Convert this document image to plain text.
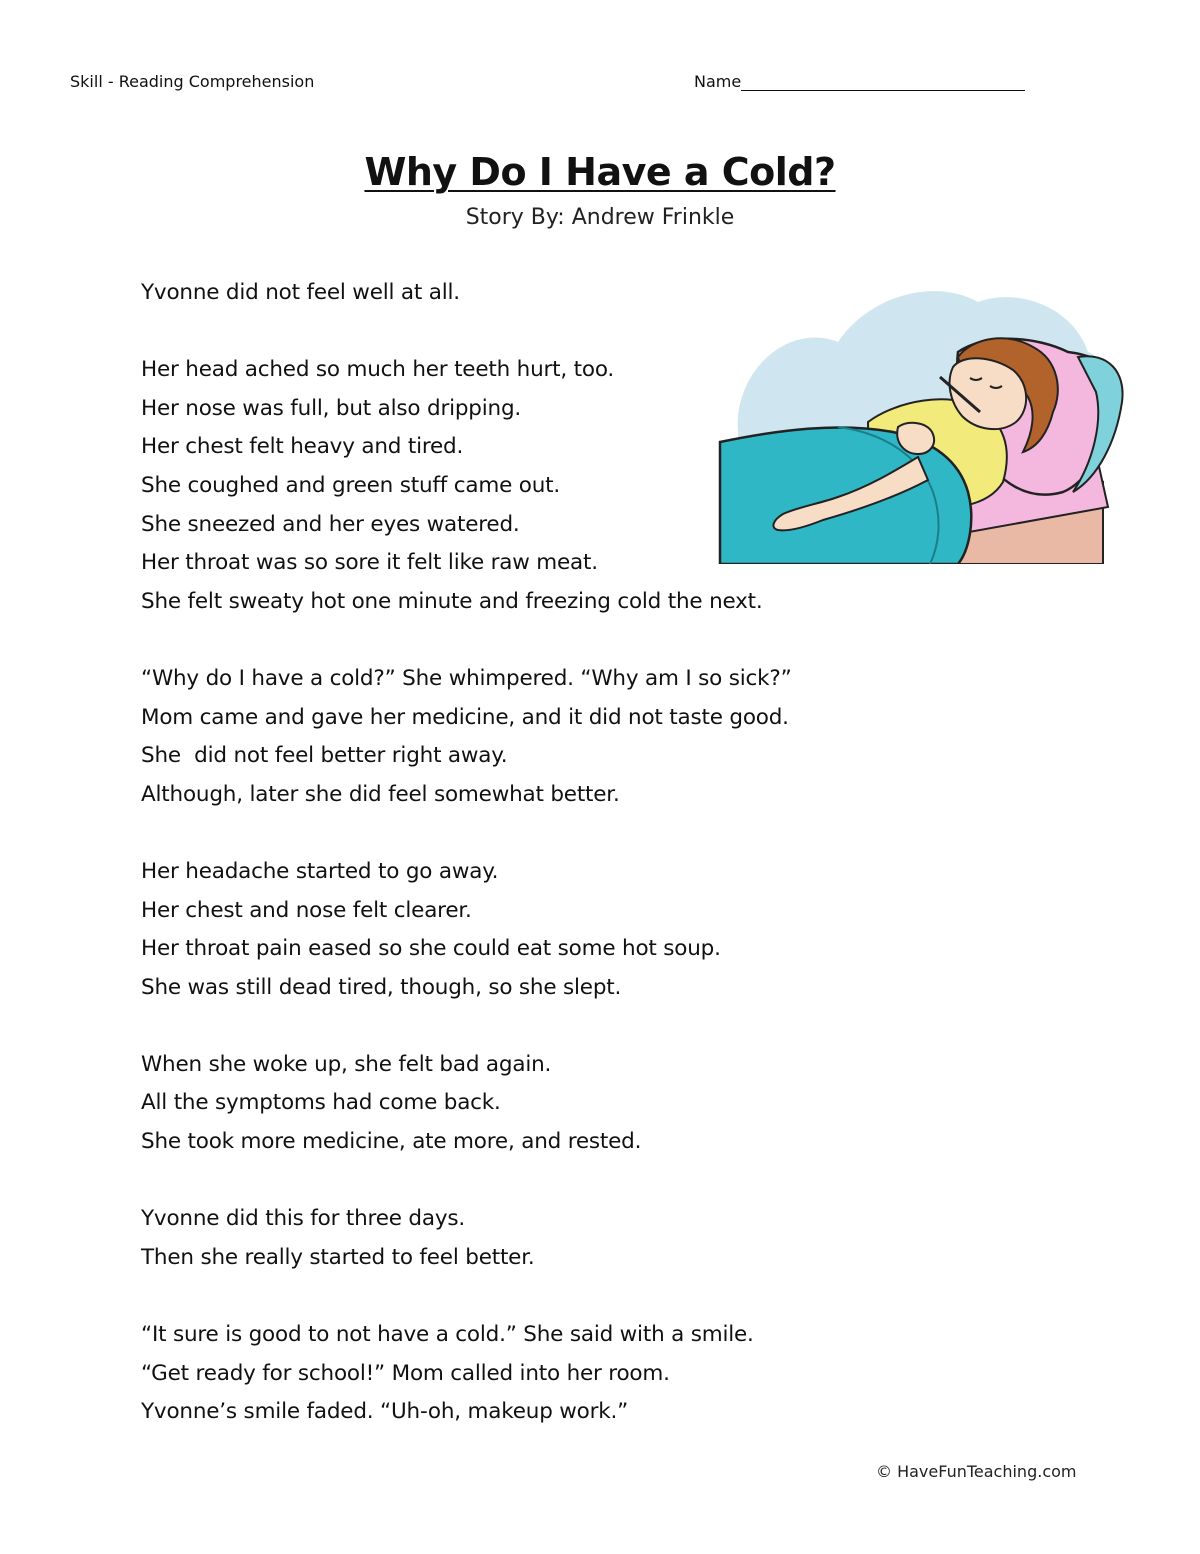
Skill - Reading Comprehension	Name
Why Do I Have a Cold?
Story By: Andrew Frinkle
Yvonne did not feel well at all.
Her head ached so much her teeth hurt, too.
Her nose was full, but also dripping.
Her chest felt heavy and tired.
She coughed and green stuff came out.
She sneezed and her eyes watered.
Her throat was so sore it felt like raw meat.
She felt sweaty hot one minute and freezing cold the next.
“Why do I have a cold?” She whimpered. “Why am I so sick?”
Mom came and gave her medicine, and it did not taste good.
She  did not feel better right away.
Although, later she did feel somewhat better.
Her headache started to go away.
Her chest and nose felt clearer.
Her throat pain eased so she could eat some hot soup.
She was still dead tired, though, so she slept.
When she woke up, she felt bad again.
All the symptoms had come back.
She took more medicine, ate more, and rested.
Yvonne did this for three days.
Then she really started to feel better.
“It sure is good to not have a cold.” She said with a smile.
“Get ready for school!” Mom called into her room.
Yvonne’s smile faded. “Uh-oh, makeup work.”
© HaveFunTeaching.com
